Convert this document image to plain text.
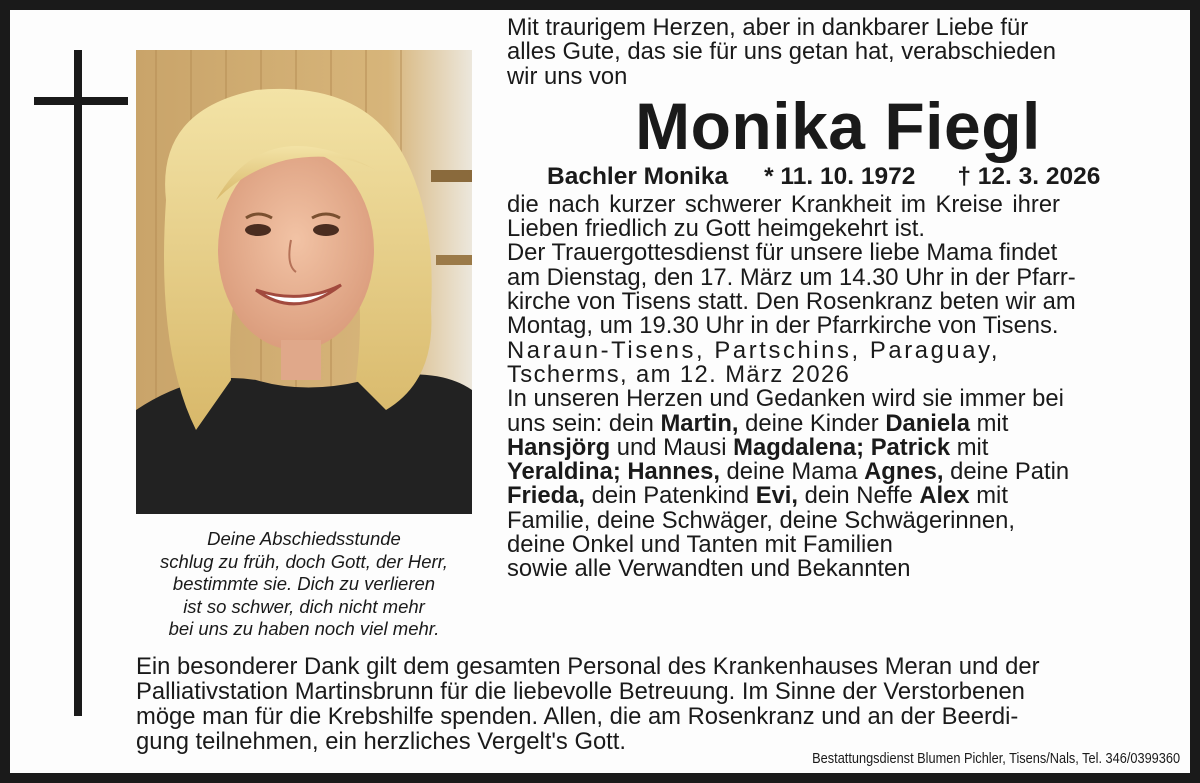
Deine Abschiedsstunde
schlug zu früh, doch Gott, der Herr,
bestimmte sie. Dich zu verlieren
ist so schwer, dich nicht mehr
bei uns zu haben noch viel mehr.
Mit traurigem Herzen, aber in dankbarer Liebe für
alles Gute, das sie für uns getan hat, verabschieden
wir uns von
Monika Fiegl
Bachler Monika * 11. 10. 1972 † 12. 3. 2026
die nach kurzer schwerer Krankheit im Kreise ihrer
Lieben friedlich zu Gott heimgekehrt ist.
Der Trauergottesdienst für unsere liebe Mama findet
am Dienstag, den 17. März um 14.30 Uhr in der Pfarr-
kirche von Tisens statt. Den Rosenkranz beten wir am
Montag, um 19.30 Uhr in der Pfarrkirche von Tisens.
Naraun-Tisens, Partschins, Paraguay,
Tscherms, am 12. März 2026
In unseren Herzen und Gedanken wird sie immer bei
uns sein: dein Martin, deine Kinder Daniela mit
Hansjörg und Mausi Magdalena; Patrick mit
Yeraldina; Hannes, deine Mama Agnes, deine Patin
Frieda, dein Patenkind Evi, dein Neffe Alex mit
Familie, deine Schwäger, deine Schwägerinnen,
deine Onkel und Tanten mit Familien
sowie alle Verwandten und Bekannten
Ein besonderer Dank gilt dem gesamten Personal des Krankenhauses Meran und der
Palliativstation Martinsbrunn für die liebevolle Betreuung. Im Sinne der Verstorbenen
möge man für die Krebshilfe spenden. Allen, die am Rosenkranz und an der Beerdi-
gung teilnehmen, ein herzliches Vergelt's Gott.
Bestattungsdienst Blumen Pichler, Tisens/Nals, Tel. 346/0399360
